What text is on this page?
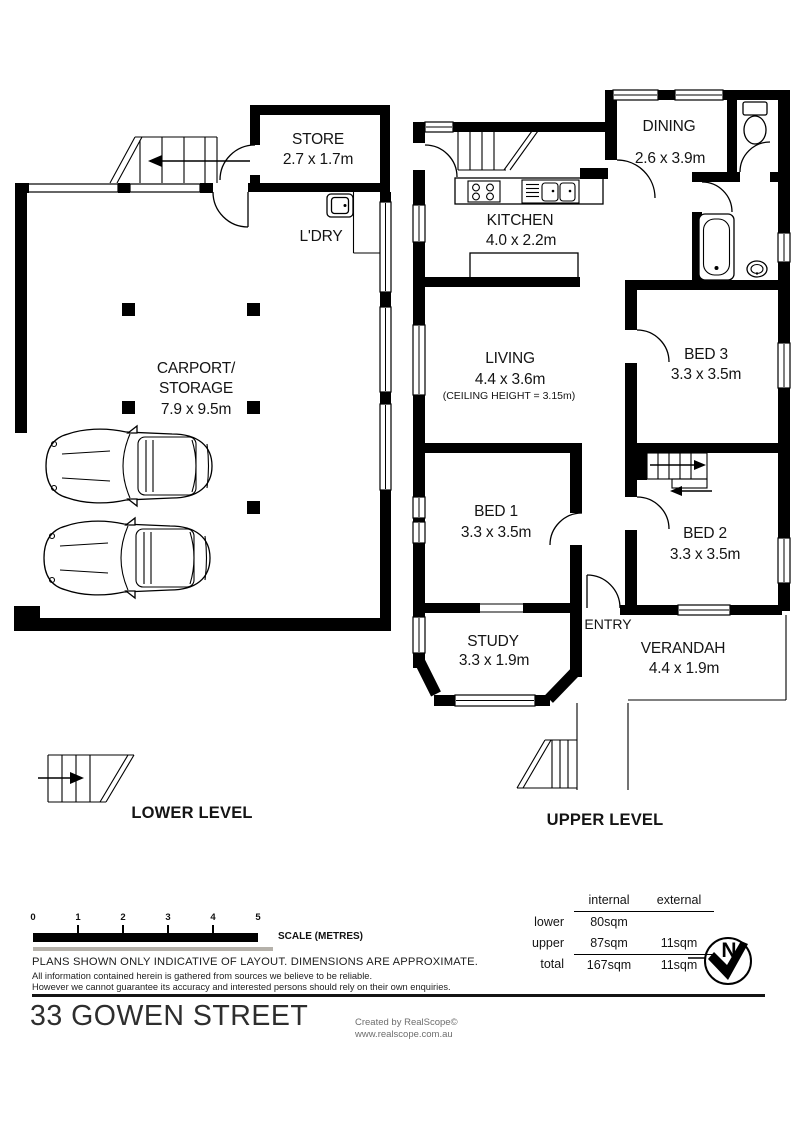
STORE
2.7 x 1.7m
L'DRY
CARPORT/
STORAGE
7.9 x 9.5m
KITCHEN
4.0 x 2.2m
DINING
2.6 x 3.9m
LIVING
4.4 x 3.6m
(CEILING HEIGHT = 3.15m)
BED 3
3.3 x 3.5m
BED 1
3.3 x 3.5m	BED 2
3.3 x 3.5m
STUDY
3.3 x 1.9m
ENTRY
VERANDAH
4.4 x 1.9m
LOWER LEVEL	UPPER LEVEL
0	1	2	3	4	5
SCALE (METRES)
PLANS SHOWN ONLY INDICATIVE OF LAYOUT. DIMENSIONS ARE APPROXIMATE.
All information contained herein is gathered from sources we believe to be reliable.
However we cannot guarantee its accuracy and interested persons should rely on their own enquiries.
internal	external
lower	80sqm
upper	87sqm	11sqm
total	167sqm	11sqm
N
33 GOWEN STREET	Created by RealScope©
www.realscope.com.au
